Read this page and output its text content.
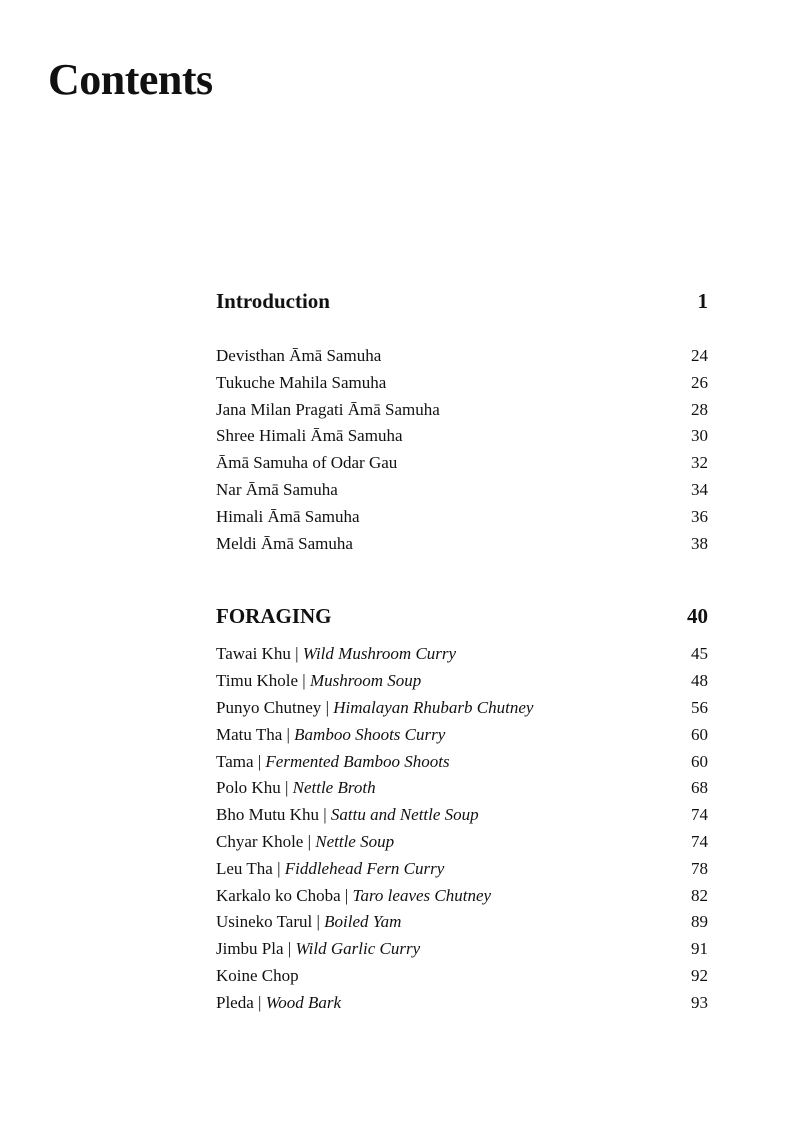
Contents
Introduction	1
Devisthan Āmā Samuha	24
Tukuche Mahila Samuha	26
Jana Milan Pragati Āmā Samuha	28
Shree Himali Āmā Samuha	30
Āmā Samuha of Odar Gau	32
Nar Āmā Samuha	34
Himali Āmā Samuha	36
Meldi Āmā Samuha	38
FORAGING	40
Tawai Khu | Wild Mushroom Curry	45
Timu Khole | Mushroom Soup	48
Punyo Chutney | Himalayan Rhubarb Chutney	56
Matu Tha | Bamboo Shoots Curry	60
Tama | Fermented Bamboo Shoots	60
Polo Khu | Nettle Broth	68
Bho Mutu Khu | Sattu and Nettle Soup	74
Chyar Khole | Nettle Soup	74
Leu Tha | Fiddlehead Fern Curry	78
Karkalo ko Choba | Taro leaves Chutney	82
Usineko Tarul | Boiled Yam	89
Jimbu Pla | Wild Garlic Curry	91
Koine Chop	92
Pleda | Wood Bark	93
